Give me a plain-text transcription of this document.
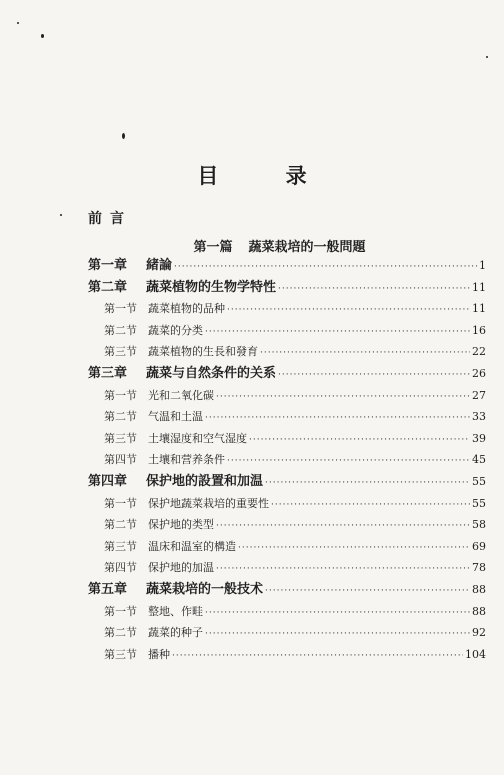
目 录
前言
第一篇 蔬菜栽培的一般問題
第一章	緒論 ·····	1
第二章	蔬菜植物的生物学特性 ·····	11
第一节	蔬菜植物的品种 ·····	11
第二节	蔬菜的分类 ·····	16
第三节	蔬菜植物的生長和發育 ·····	22
第三章	蔬菜与自然条件的关系 ·····	26
第一节	光和二氧化碳 ·····	27
第二节	气温和土温 ·····	33
第三节	土壤湿度和空气湿度 ·····	39
第四节	土壤和营养条件 ·····	45
第四章	保护地的設置和加温 ·····	55
第一节	保护地蔬菜栽培的重要性 ·····	55
第二节	保护地的类型 ·····	58
第三节	温床和温室的構造 ·····	69
第四节	保护地的加温 ·····	78
第五章	蔬菜栽培的一般技术 ·····	88
第一节	整地、作畦 ·····	88
第二节	蔬菜的种子 ·····	92
第三节	播种 ·····	104
